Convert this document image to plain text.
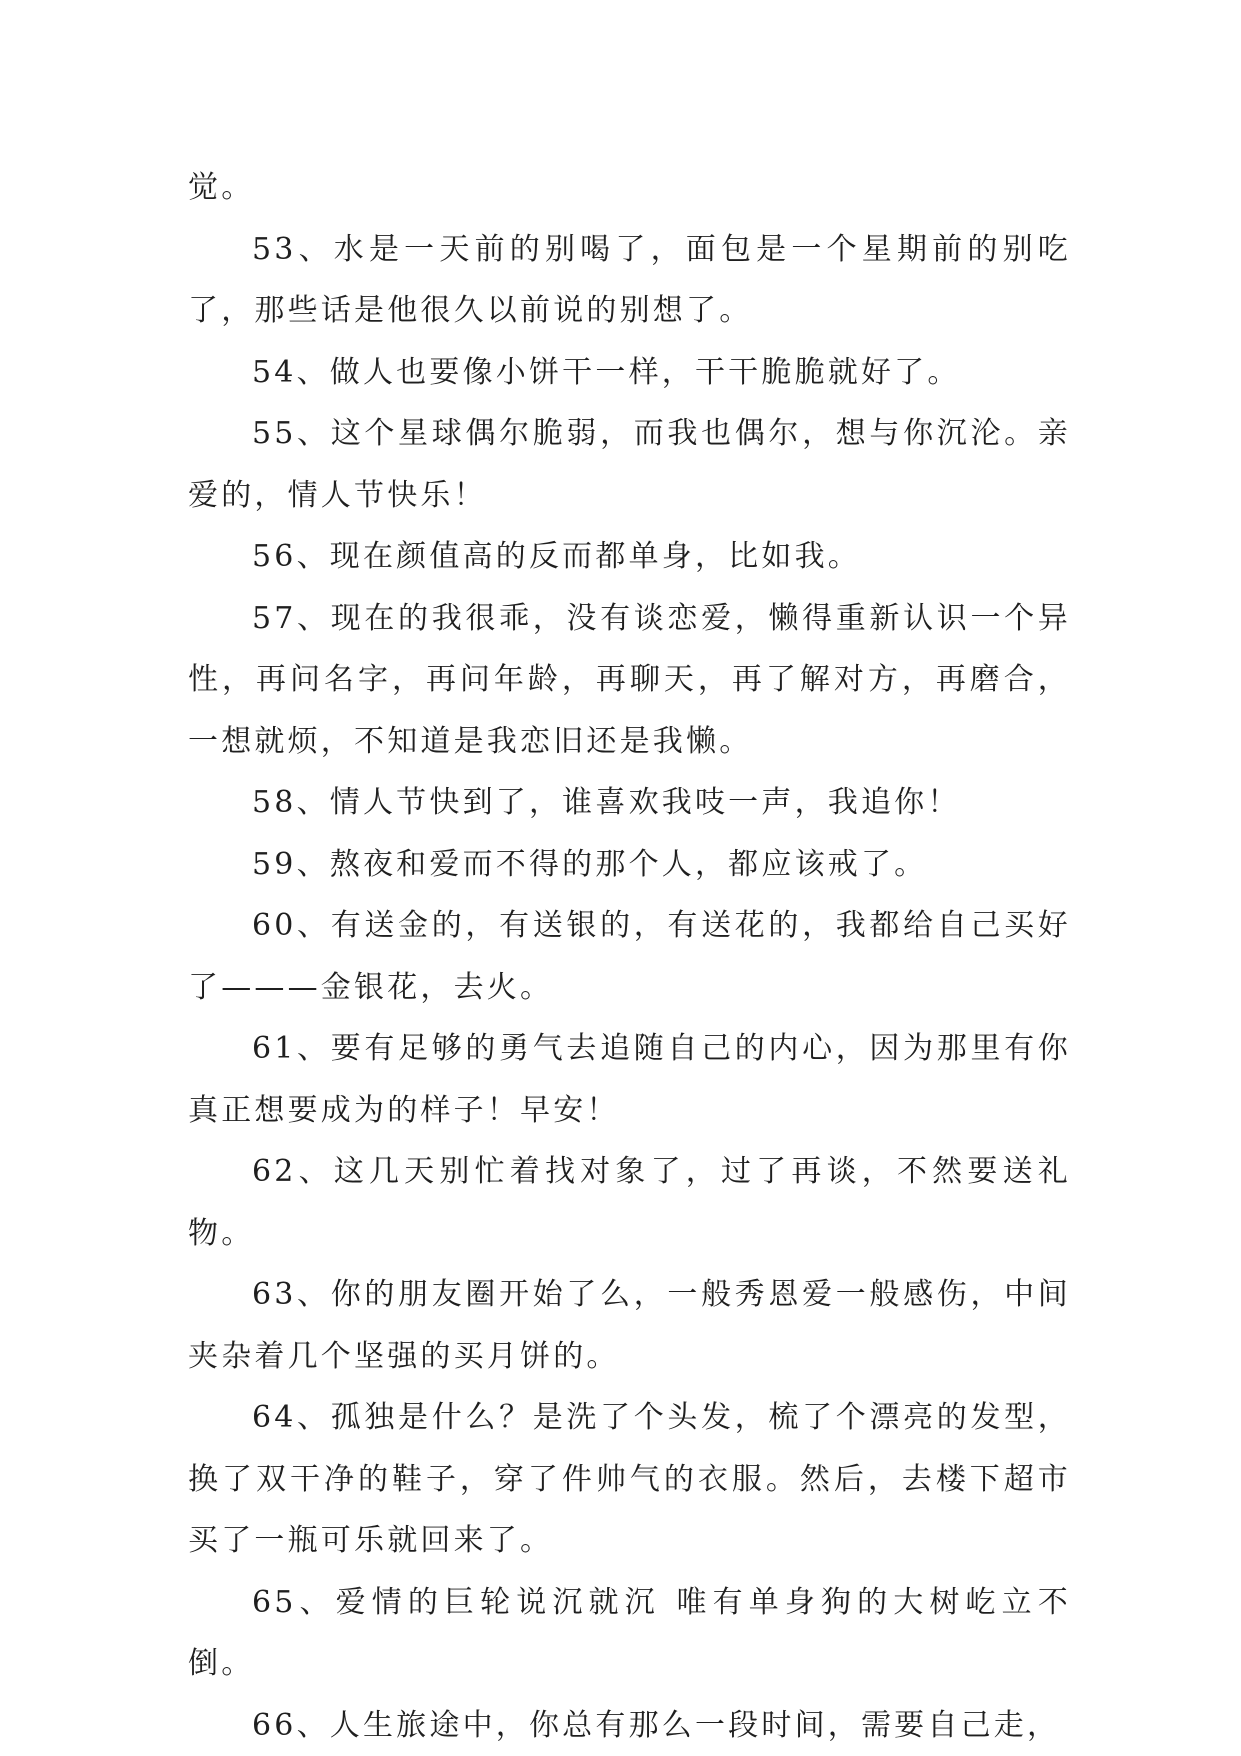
觉。

53、水是一天前的别喝了，面包是一个星期前的别吃了，那些话是他很久以前说的别想了。

54、做人也要像小饼干一样，干干脆脆就好了。

55、这个星球偶尔脆弱，而我也偶尔，想与你沉沦。亲爱的，情人节快乐！

56、现在颜值高的反而都单身，比如我。

57、现在的我很乖，没有谈恋爱，懒得重新认识一个异性，再问名字，再问年龄，再聊天，再了解对方，再磨合，一想就烦，不知道是我恋旧还是我懒。

58、情人节快到了，谁喜欢我吱一声，我追你！

59、熬夜和爱而不得的那个人，都应该戒了。

60、有送金的，有送银的，有送花的，我都给自己买好了———金银花，去火。

61、要有足够的勇气去追随自己的内心，因为那里有你真正想要成为的样子！早安！

62、这几天别忙着找对象了，过了再谈，不然要送礼物。

63、你的朋友圈开始了么，一般秀恩爱一般感伤，中间夹杂着几个坚强的买月饼的。

64、孤独是什么？是洗了个头发，梳了个漂亮的发型，换了双干净的鞋子，穿了件帅气的衣服。然后，去楼下超市买了一瓶可乐就回来了。

65、爱情的巨轮说沉就沉 唯有单身狗的大树屹立不倒。

66、人生旅途中，你总有那么一段时间，需要自己走，
